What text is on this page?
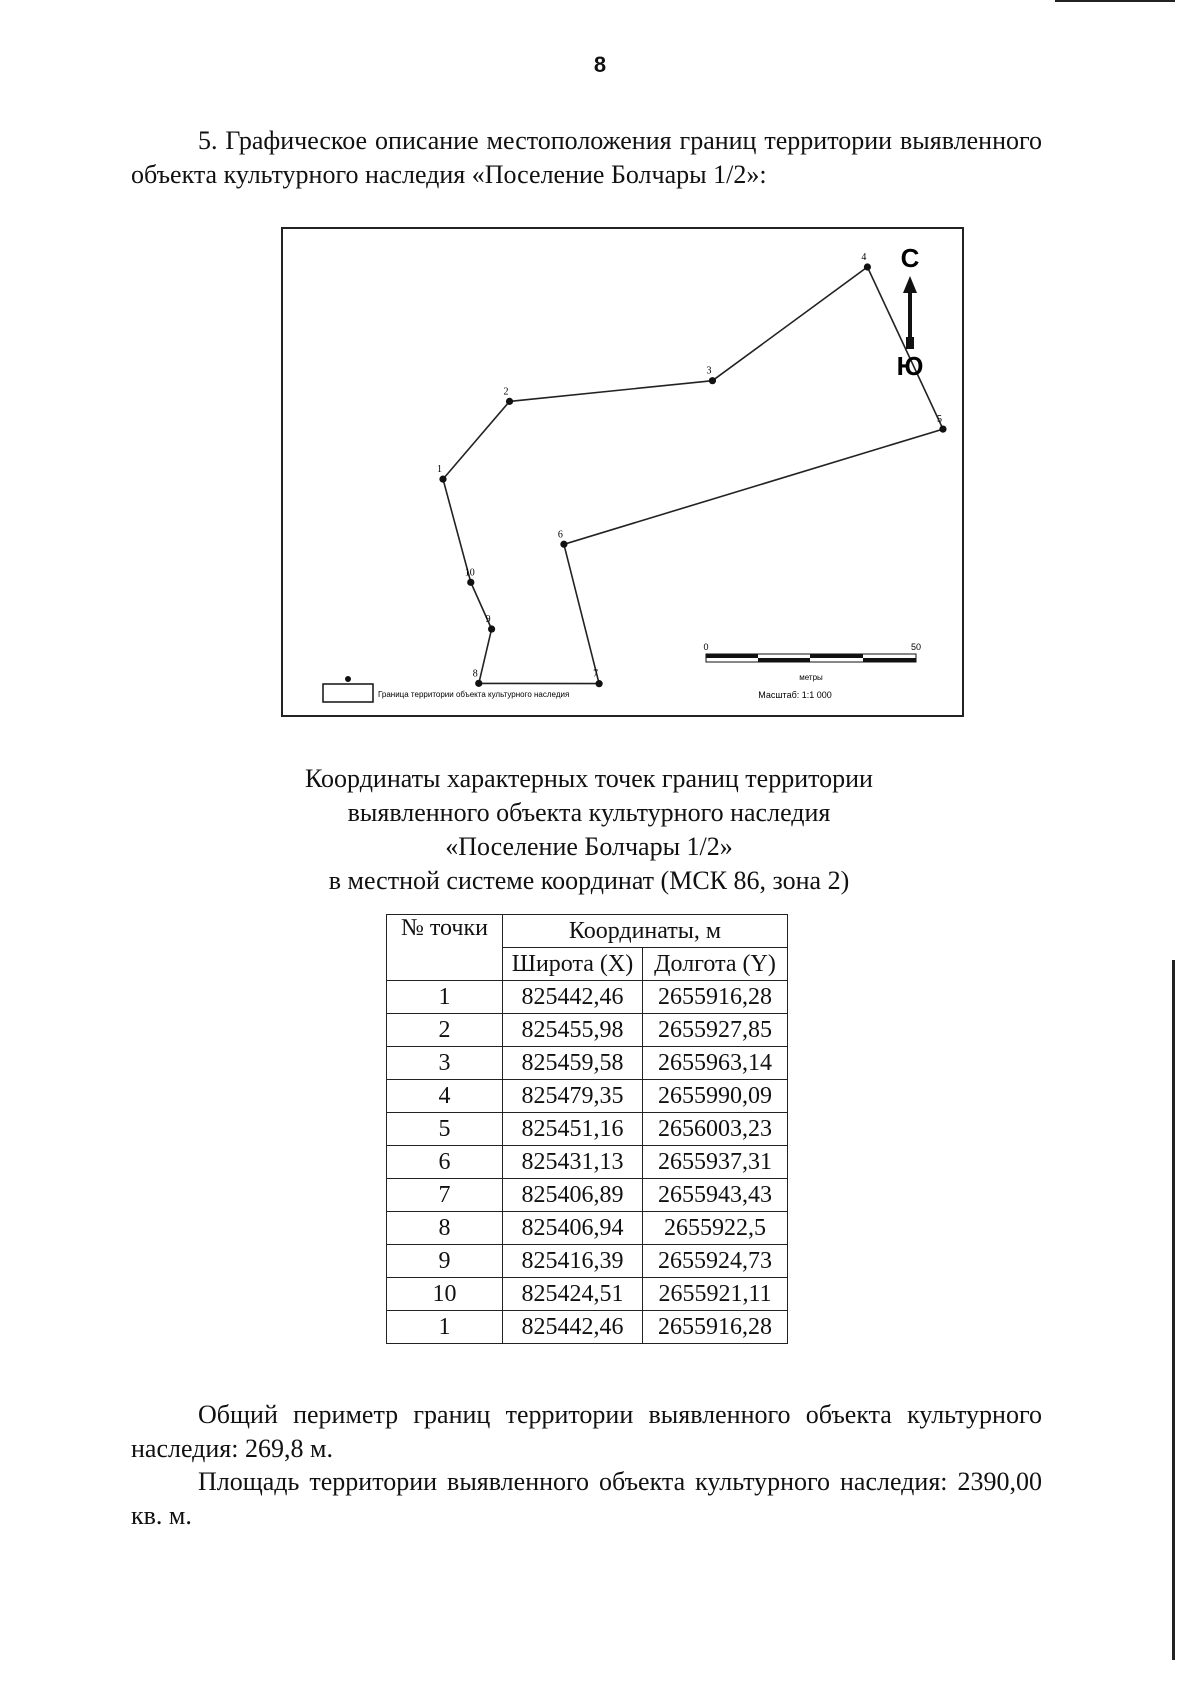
8
5. Графическое описание местоположения границ территории выявленного объекта культурного наследия «Поселение Болчары 1/2»:
1
2
3
4
5
6
7
8
9
10
С
Ю
0	50
метры
Масштаб: 1:1 000
Граница территории объекта культурного наследия
Координаты характерных точек границ территории
выявленного объекта культурного наследия
«Поселение Болчары 1/2»
в местной системе координат (МСК 86, зона 2)
№ точки	Координаты, м	
	Широта (X)	Долгота (Y)
1	825442,46	2655916,28
2	825455,98	2655927,85
3	825459,58	2655963,14
4	825479,35	2655990,09
5	825451,16	2656003,23
6	825431,13	2655937,31
7	825406,89	2655943,43
8	825406,94	2655922,5
9	825416,39	2655924,73
10	825424,51	2655921,11
1	825442,46	2655916,28
Общий периметр границ территории выявленного объекта культурного наследия: 269,8 м.
Площадь территории выявленного объекта культурного наследия: 2390,00 кв. м.
